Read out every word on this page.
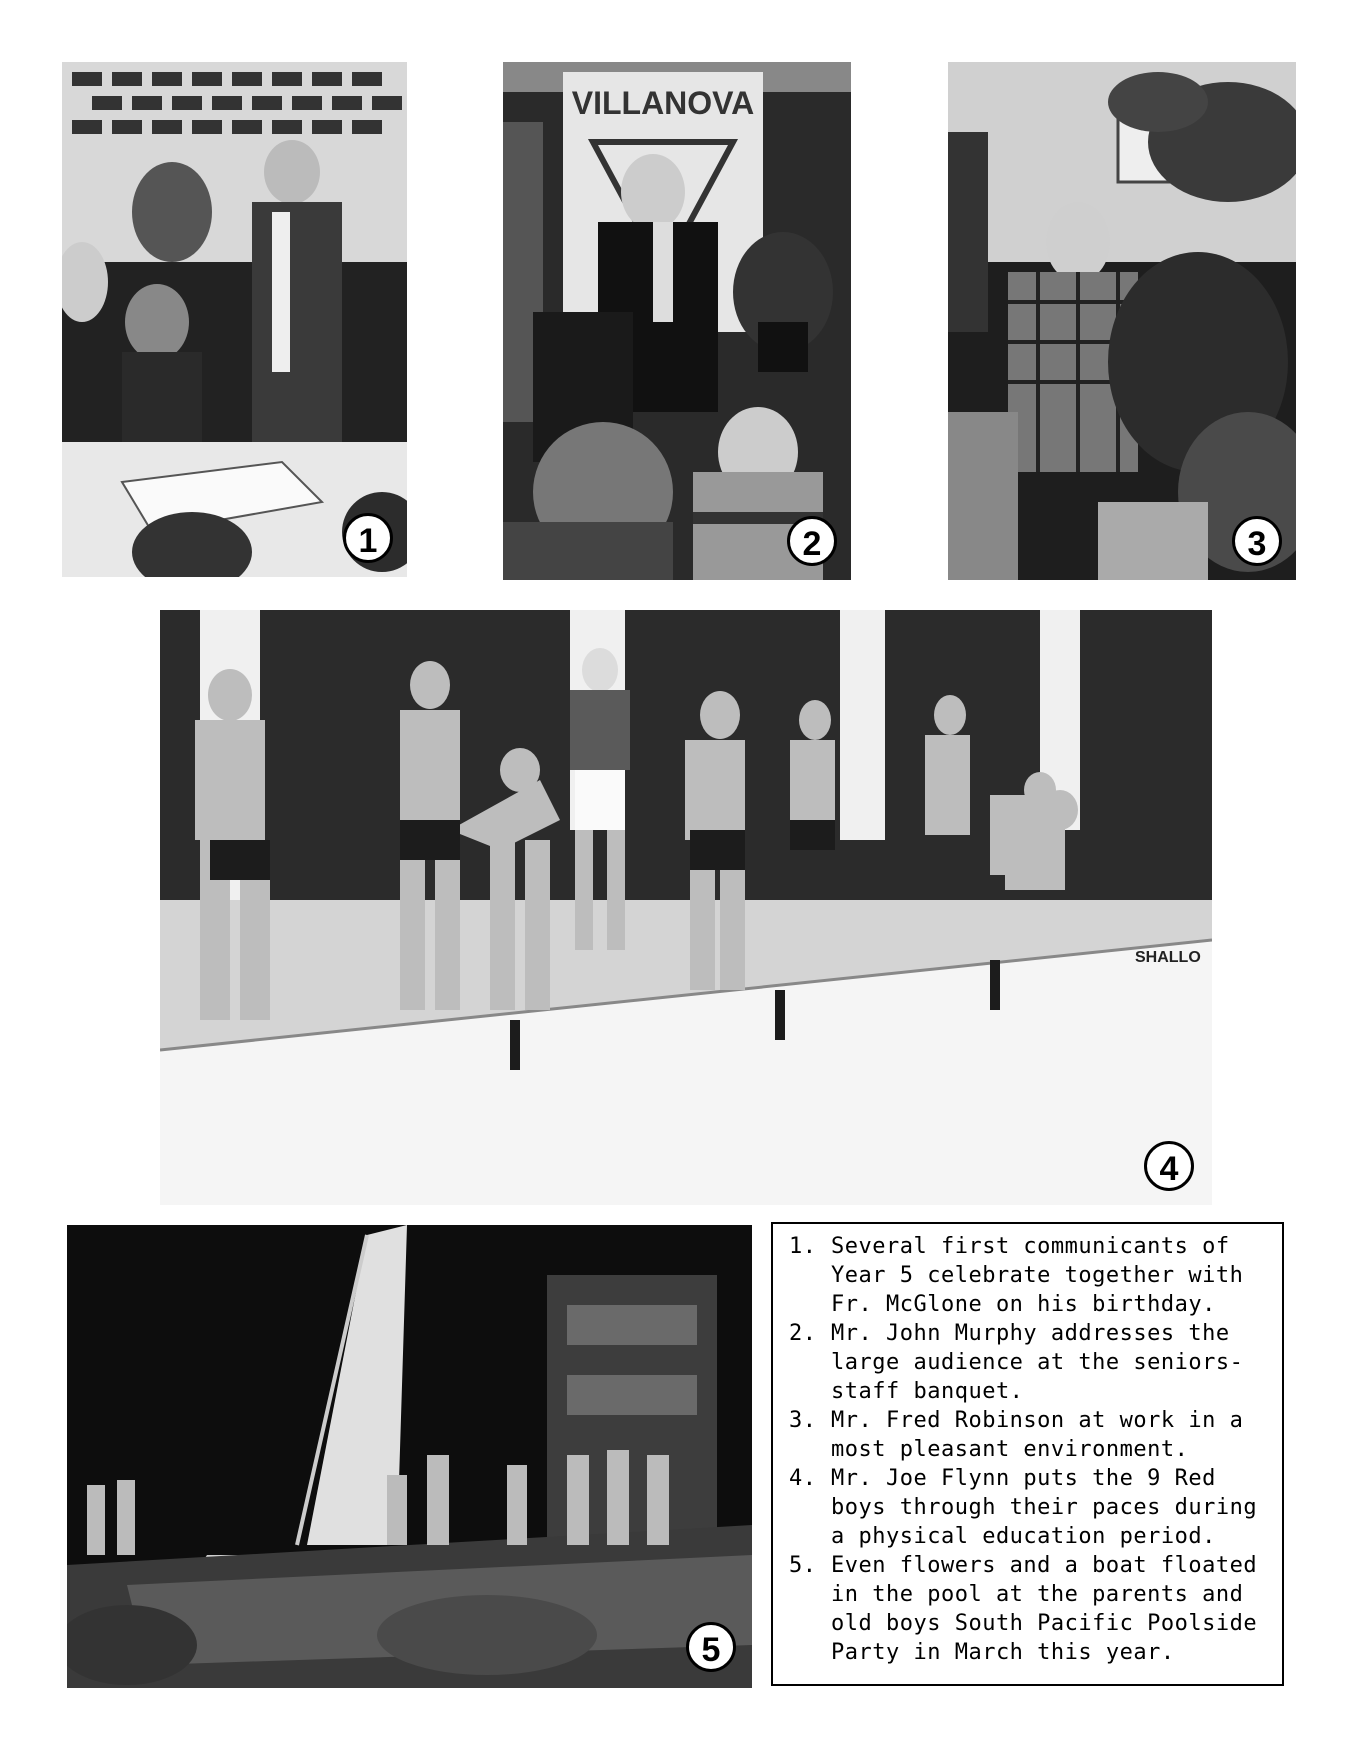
1
VILLANOVA
2	3
SHALLO
4
5
1. Several first communicants of
Year 5 celebrate together with
Fr. McGlone on his birthday.
2. Mr. John Murphy addresses the
large audience at the seniors-
staff banquet.
3. Mr. Fred Robinson at work in a
most pleasant environment.
4. Mr. Joe Flynn puts the 9 Red
boys through their paces during
a physical education period.
5. Even flowers and a boat floated
in the pool at the parents and
old boys South Pacific Poolside
Party in March this year.
